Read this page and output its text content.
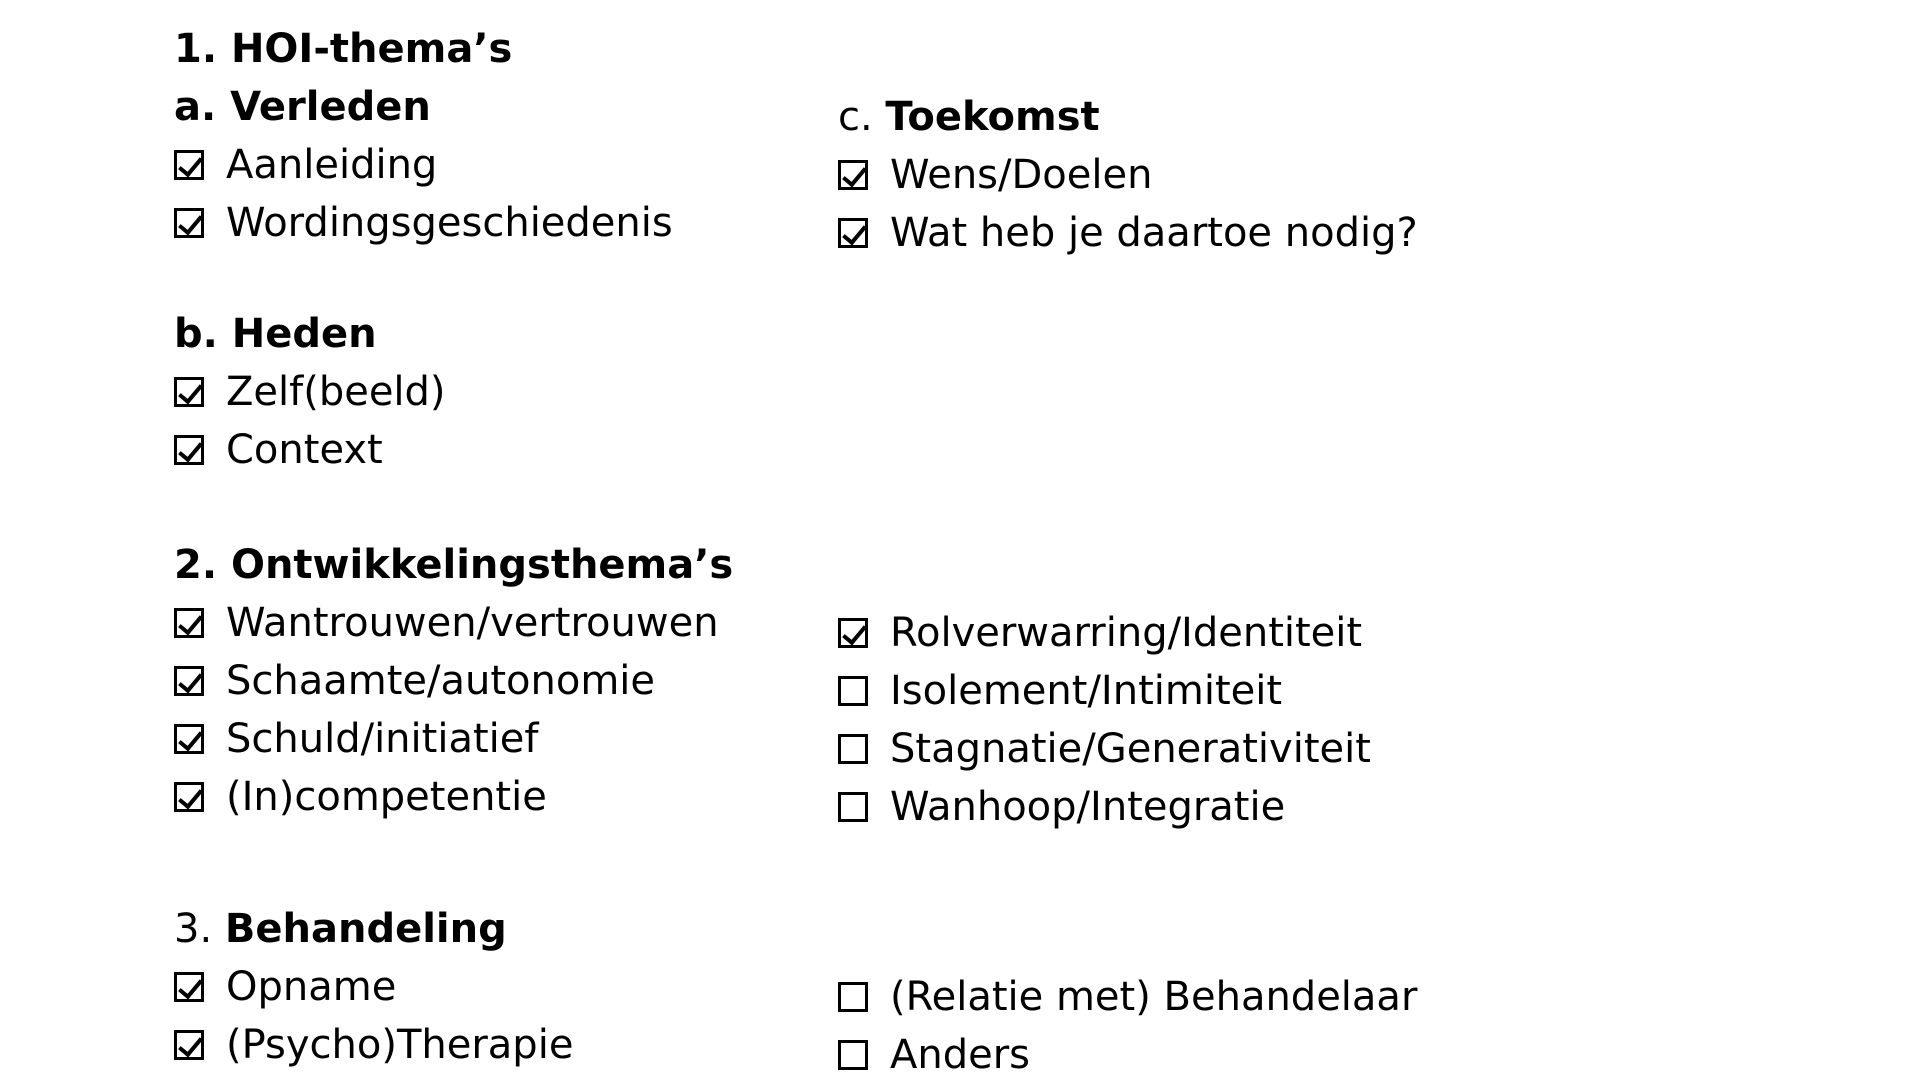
1. HOI-thema’s
a. Verleden
Aanleiding
Wordingsgeschiedenis
b. Heden
Zelf(beeld)
Context
c. Toekomst
Wens/Doelen
Wat heb je daartoe nodig?
2. Ontwikkelingsthema’s
Wantrouwen/vertrouwen
Schaamte/autonomie
Schuld/initiatief
(In)competentie
Rolverwarring/Identiteit
Isolement/Intimiteit
Stagnatie/Generativiteit
Wanhoop/Integratie
3. Behandeling
Opname
(Psycho)Therapie
(Relatie met) Behandelaar
Anders
